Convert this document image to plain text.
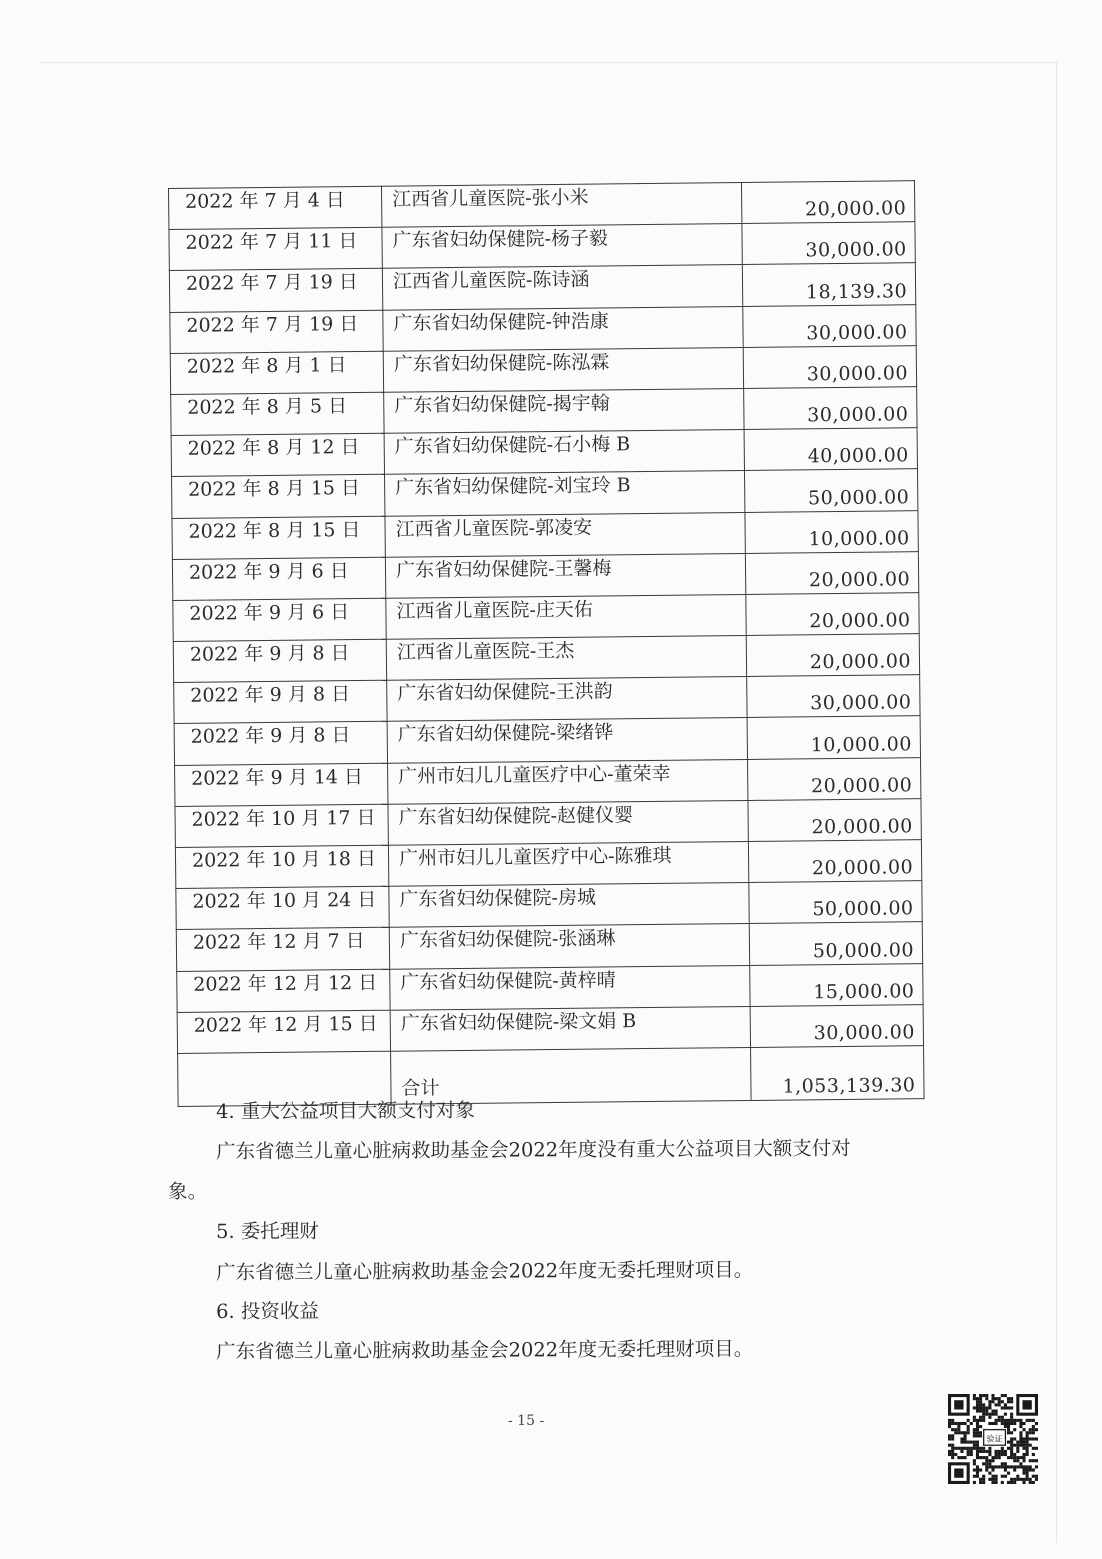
2022 年 7 月 4 日	江西省儿童医院-张小米	20,000.00
2022 年 7 月 11 日	广东省妇幼保健院-杨子毅	30,000.00
2022 年 7 月 19 日	江西省儿童医院-陈诗涵	18,139.30
2022 年 7 月 19 日	广东省妇幼保健院-钟浩康	30,000.00
2022 年 8 月 1 日	广东省妇幼保健院-陈泓霖	30,000.00
2022 年 8 月 5 日	广东省妇幼保健院-揭宇翰	30,000.00
2022 年 8 月 12 日	广东省妇幼保健院-石小梅 B	40,000.00
2022 年 8 月 15 日	广东省妇幼保健院-刘宝玲 B	50,000.00
2022 年 8 月 15 日	江西省儿童医院-郭凌安	10,000.00
2022 年 9 月 6 日	广东省妇幼保健院-王馨梅	20,000.00
2022 年 9 月 6 日	江西省儿童医院-庄天佑	20,000.00
2022 年 9 月 8 日	江西省儿童医院-王杰	20,000.00
2022 年 9 月 8 日	广东省妇幼保健院-王洪韵	30,000.00
2022 年 9 月 8 日	广东省妇幼保健院-梁绪铧	10,000.00
2022 年 9 月 14 日	广州市妇儿儿童医疗中心-董荣幸	20,000.00
2022 年 10 月 17 日	广东省妇幼保健院-赵健仪婴	20,000.00
2022 年 10 月 18 日	广州市妇儿儿童医疗中心-陈雅琪	20,000.00
2022 年 10 月 24 日	广东省妇幼保健院-房城	50,000.00
2022 年 12 月 7 日	广东省妇幼保健院-张涵琳	50,000.00
2022 年 12 月 12 日	广东省妇幼保健院-黄梓晴	15,000.00
2022 年 12 月 15 日	广东省妇幼保健院-梁文娟 B	30,000.00
	合计	1,053,139.30
4. 重大公益项目大额支付对象
广东省德兰儿童心脏病救助基金会2022年度没有重大公益项目大额支付对
象。
5. 委托理财
广东省德兰儿童心脏病救助基金会2022年度无委托理财项目。
6. 投资收益
广东省德兰儿童心脏病救助基金会2022年度无委托理财项目。
- 15 -
验证
